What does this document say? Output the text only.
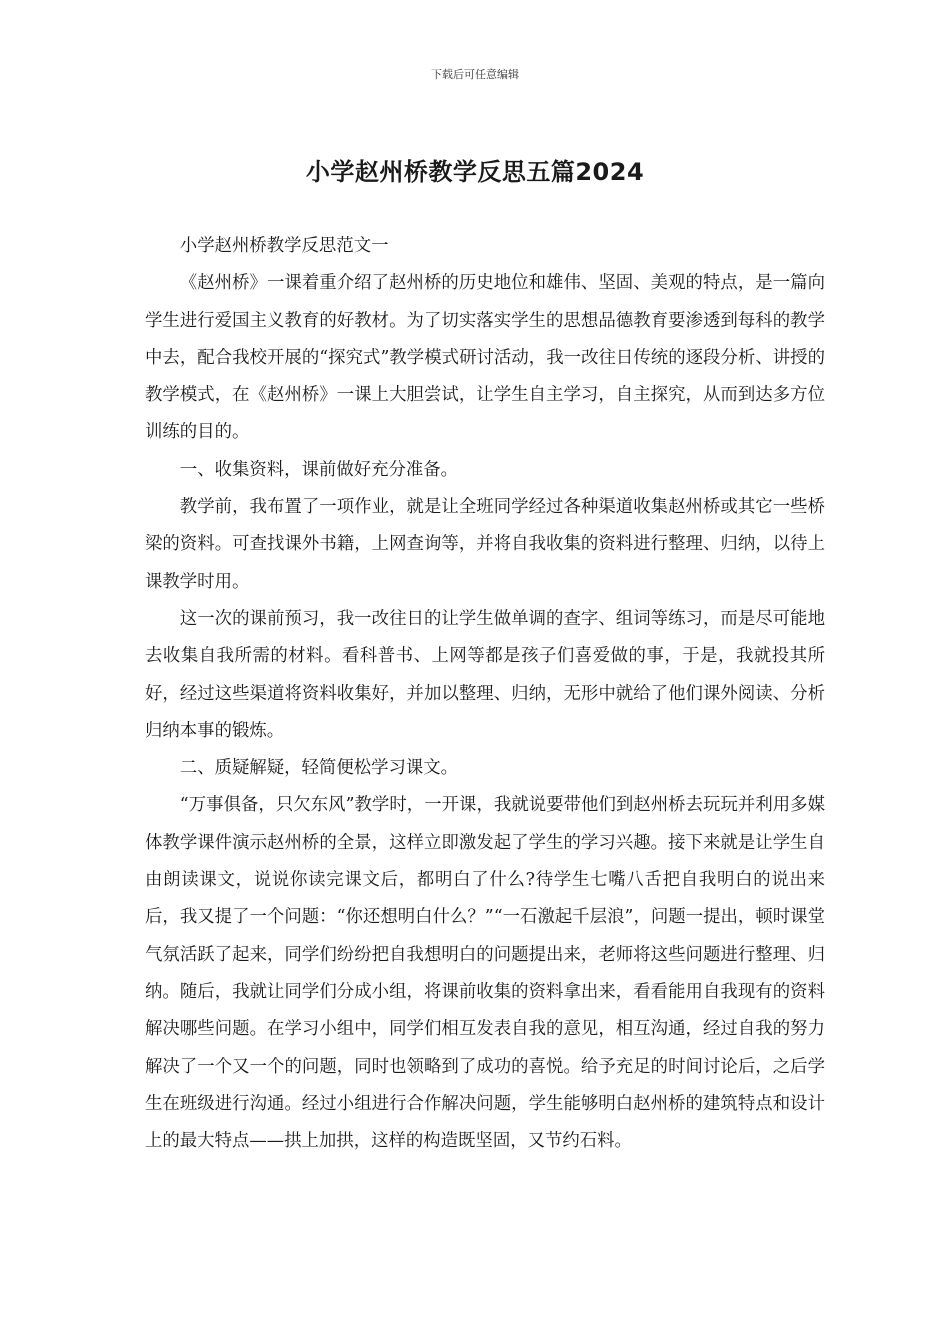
下载后可任意编辑
小学赵州桥教学反思五篇2024

小学赵州桥教学反思范文一

《赵州桥》一课着重介绍了赵州桥的历史地位和雄伟、坚固、美观的特点，是一篇向学生进行爱国主义教育的好教材。为了切实落实学生的思想品德教育要渗透到每科的教学中去，配合我校开展的“探究式”教学模式研讨活动，我一改往日传统的逐段分析、讲授的教学模式，在《赵州桥》一课上大胆尝试，让学生自主学习，自主探究，从而到达多方位训练的目的。

一、收集资料，课前做好充分准备。

教学前，我布置了一项作业，就是让全班同学经过各种渠道收集赵州桥或其它一些桥梁的资料。可查找课外书籍，上网查询等，并将自我收集的资料进行整理、归纳，以待上课教学时用。

这一次的课前预习，我一改往日的让学生做单调的查字、组词等练习，而是尽可能地去收集自我所需的材料。看科普书、上网等都是孩子们喜爱做的事，于是，我就投其所好，经过这些渠道将资料收集好，并加以整理、归纳，无形中就给了他们课外阅读、分析归纳本事的锻炼。

二、质疑解疑，轻简便松学习课文。

“万事俱备，只欠东风”教学时，一开课，我就说要带他们到赵州桥去玩玩并利用多媒体教学课件演示赵州桥的全景，这样立即激发起了学生的学习兴趣。接下来就是让学生自由朗读课文，说说你读完课文后，都明白了什么?待学生七嘴八舌把自我明白的说出来后，我又提了一个问题：“你还想明白什么？”“一石激起千层浪”，问题一提出，顿时课堂气氛活跃了起来，同学们纷纷把自我想明白的问题提出来，老师将这些问题进行整理、归纳。随后，我就让同学们分成小组，将课前收集的资料拿出来，看看能用自我现有的资料解决哪些问题。在学习小组中，同学们相互发表自我的意见，相互沟通，经过自我的努力解决了一个又一个的问题，同时也领略到了成功的喜悦。给予充足的时间讨论后，之后学生在班级进行沟通。经过小组进行合作解决问题，学生能够明白赵州桥的建筑特点和设计上的最大特点——拱上加拱，这样的构造既坚固，又节约石料。
